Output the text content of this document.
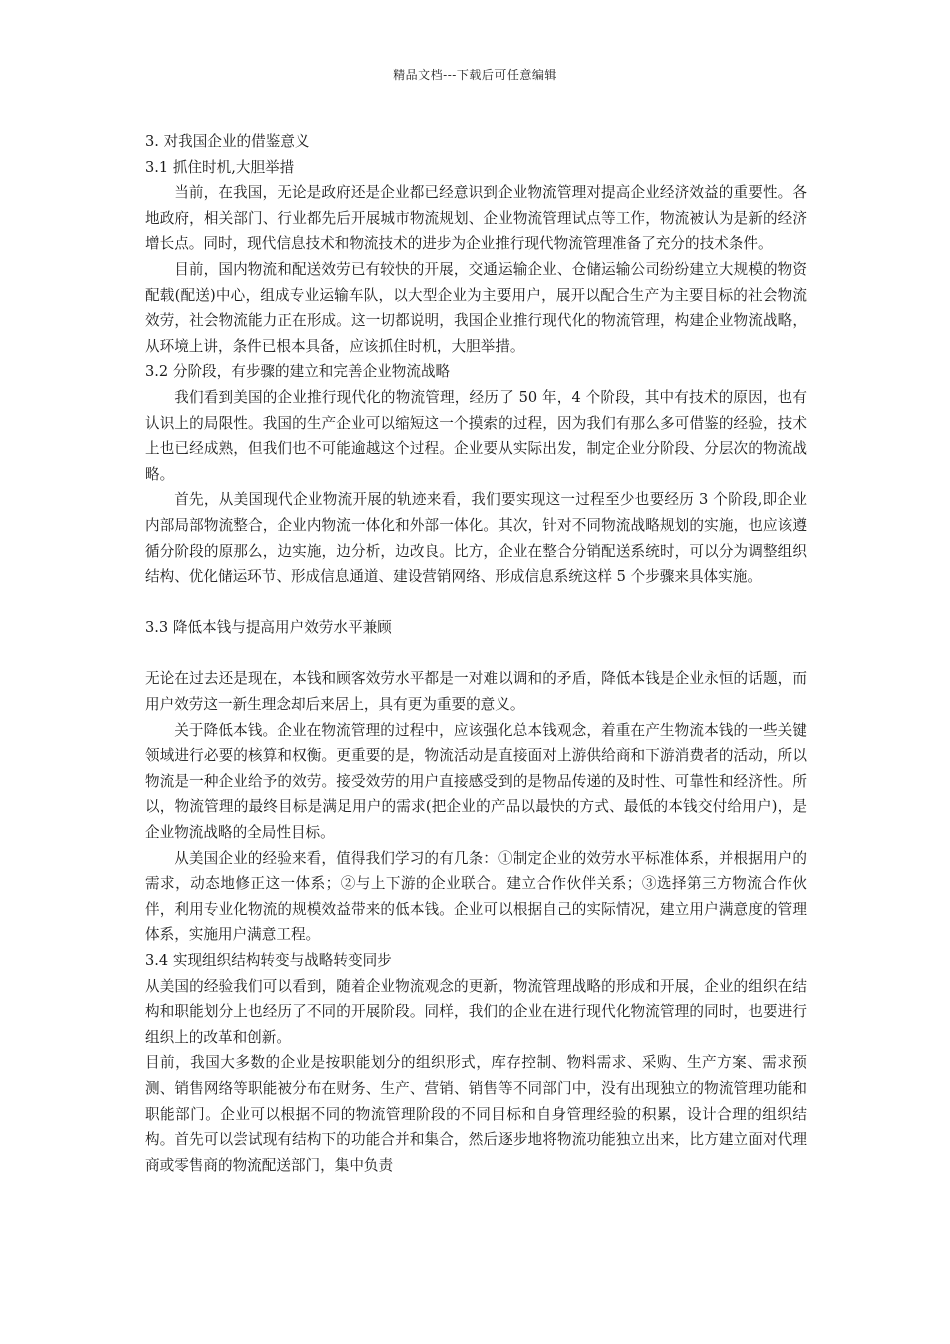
精品文档---下载后可任意编辑

3. 对我国企业的借鉴意义

3.1 抓住时机,大胆举措

当前，在我国，无论是政府还是企业都已经意识到企业物流管理对提高企业经济效益的重要性。各地政府，相关部门、行业都先后开展城市物流规划、企业物流管理试点等工作，物流被认为是新的经济增长点。同时，现代信息技术和物流技术的进步为企业推行现代物流管理准备了充分的技术条件。

目前，国内物流和配送效劳已有较快的开展，交通运输企业、仓储运输公司纷纷建立大规模的物资配载(配送)中心，组成专业运输车队，以大型企业为主要用户，展开以配合生产为主要目标的社会物流效劳，社会物流能力正在形成。这一切都说明，我国企业推行现代化的物流管理，构建企业物流战略，从环境上讲，条件已根本具备，应该抓住时机，大胆举措。

3.2 分阶段，有步骤的建立和完善企业物流战略

我们看到美国的企业推行现代化的物流管理，经历了 50 年，4 个阶段，其中有技术的原因，也有认识上的局限性。我国的生产企业可以缩短这一个摸索的过程，因为我们有那么多可借鉴的经验，技术上也已经成熟，但我们也不可能逾越这个过程。企业要从实际出发，制定企业分阶段、分层次的物流战略。

首先，从美国现代企业物流开展的轨迹来看，我们要实现这一过程至少也要经历 3 个阶段,即企业内部局部物流整合，企业内物流一体化和外部一体化。其次，针对不同物流战略规划的实施，也应该遵循分阶段的原那么，边实施，边分析，边改良。比方，企业在整合分销配送系统时，可以分为调整组织结构、优化储运环节、形成信息通道、建设营销网络、形成信息系统这样 5 个步骤来具体实施。

3.3 降低本钱与提高用户效劳水平兼顾

无论在过去还是现在，本钱和顾客效劳水平都是一对难以调和的矛盾，降低本钱是企业永恒的话题，而用户效劳这一新生理念却后来居上，具有更为重要的意义。

关于降低本钱。企业在物流管理的过程中，应该强化总本钱观念，着重在产生物流本钱的一些关键领域进行必要的核算和权衡。更重要的是，物流活动是直接面对上游供给商和下游消费者的活动，所以物流是一种企业给予的效劳。接受效劳的用户直接感受到的是物品传递的及时性、可靠性和经济性。所以，物流管理的最终目标是满足用户的需求(把企业的产品以最快的方式、最低的本钱交付给用户)，是企业物流战略的全局性目标。

从美国企业的经验来看，值得我们学习的有几条：①制定企业的效劳水平标准体系，并根据用户的需求，动态地修正这一体系；②与上下游的企业联合。建立合作伙伴关系；③选择第三方物流合作伙伴，利用专业化物流的规模效益带来的低本钱。企业可以根据自己的实际情况，建立用户满意度的管理体系，实施用户满意工程。

3.4 实现组织结构转变与战略转变同步

从美国的经验我们可以看到，随着企业物流观念的更新，物流管理战略的形成和开展，企业的组织在结构和职能划分上也经历了不同的开展阶段。同样，我们的企业在进行现代化物流管理的同时，也要进行组织上的改革和创新。

目前，我国大多数的企业是按职能划分的组织形式，库存控制、物料需求、采购、生产方案、需求预测、销售网络等职能被分布在财务、生产、营销、销售等不同部门中，没有出现独立的物流管理功能和职能部门。企业可以根据不同的物流管理阶段的不同目标和自身管理经验的积累，设计合理的组织结构。首先可以尝试现有结构下的功能合并和集合，然后逐步地将物流功能独立出来，比方建立面对代理商或零售商的物流配送部门，集中负责
